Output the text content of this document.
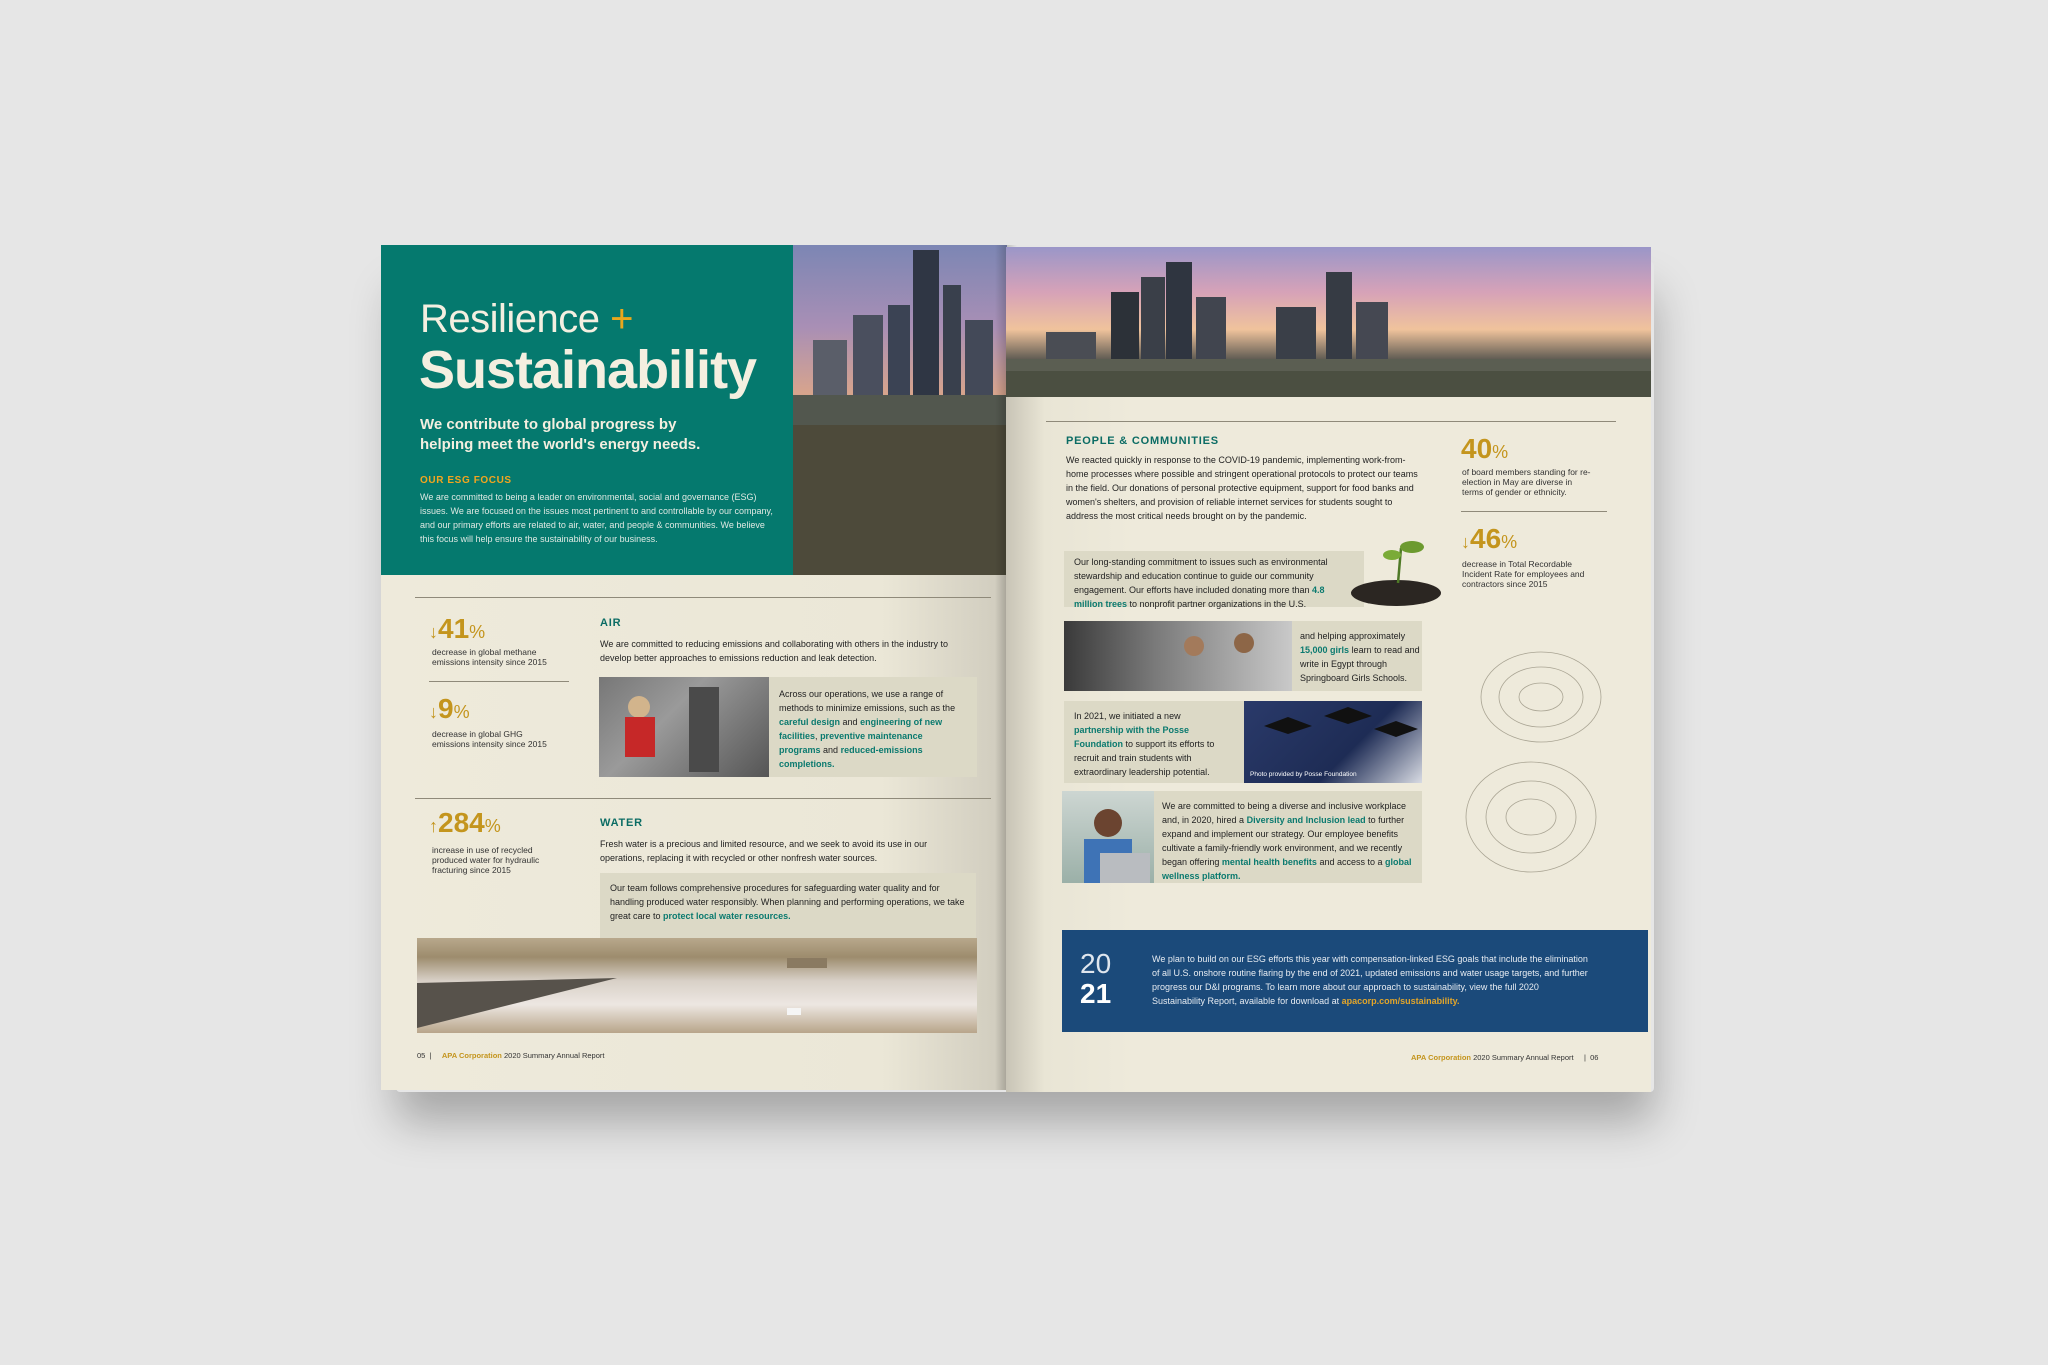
Resilience +
Sustainability
We contribute to global progress by helping meet the world's energy needs.
OUR ESG FOCUS
We are committed to being a leader on environmental, social and governance (ESG) issues. We are focused on the issues most pertinent to and controllable by our company, and our primary efforts are related to air, water, and people & communities. We believe this focus will help ensure the sustainability of our business.
↓41%
decrease in global methane emissions intensity since 2015
↓9%
decrease in global GHG emissions intensity since 2015
AIR
We are committed to reducing emissions and collaborating with others in the industry to develop better approaches to emissions reduction and leak detection.
Across our operations, we use a range of methods to minimize emissions, such as the careful design and engineering of new facilities, preventive maintenance programs and reduced-emissions completions.
↑284%
increase in use of recycled produced water for hydraulic fracturing since 2015
WATER
Fresh water is a precious and limited resource, and we seek to avoid its use in our operations, replacing it with recycled or other nonfresh water sources.
Our team follows comprehensive procedures for safeguarding water quality and for handling produced water responsibly. When planning and performing operations, we take great care to protect local water resources.
05  |     APA Corporation 2020 Summary Annual Report
PEOPLE & COMMUNITIES
We reacted quickly in response to the COVID-19 pandemic, implementing work-from-home processes where possible and stringent operational protocols to protect our teams in the field. Our donations of personal protective equipment, support for food banks and women's shelters, and provision of reliable internet services for students sought to address the most critical needs brought on by the pandemic.
Our long-standing commitment to issues such as environmental stewardship and education continue to guide our community engagement. Our efforts have included donating more than 4.8 million trees to nonprofit partner organizations in the U.S.
and helping approximately 15,000 girls learn to read and write in Egypt through Springboard Girls Schools.
In 2021, we initiated a new partnership with the Posse Foundation to support its efforts to recruit and train students with extraordinary leadership potential.	Photo provided by Posse Foundation
We are committed to being a diverse and inclusive workplace and, in 2020, hired a Diversity and Inclusion lead to further expand and implement our strategy. Our employee benefits cultivate a family-friendly work environment, and we recently began offering mental health benefits and access to a global wellness platform.
40%
of board members standing for re-election in May are diverse in terms of gender or ethnicity.
↓46%
decrease in Total Recordable Incident Rate for employees and contractors since 2015
20
21
We plan to build on our ESG efforts this year with compensation-linked ESG goals that include the elimination of all U.S. onshore routine flaring by the end of 2021, updated emissions and water usage targets, and further progress our D&I programs. To learn more about our approach to sustainability, view the full 2020 Sustainability Report, available for download at apacorp.com/sustainability.
APA Corporation 2020 Summary Annual Report     |  06
